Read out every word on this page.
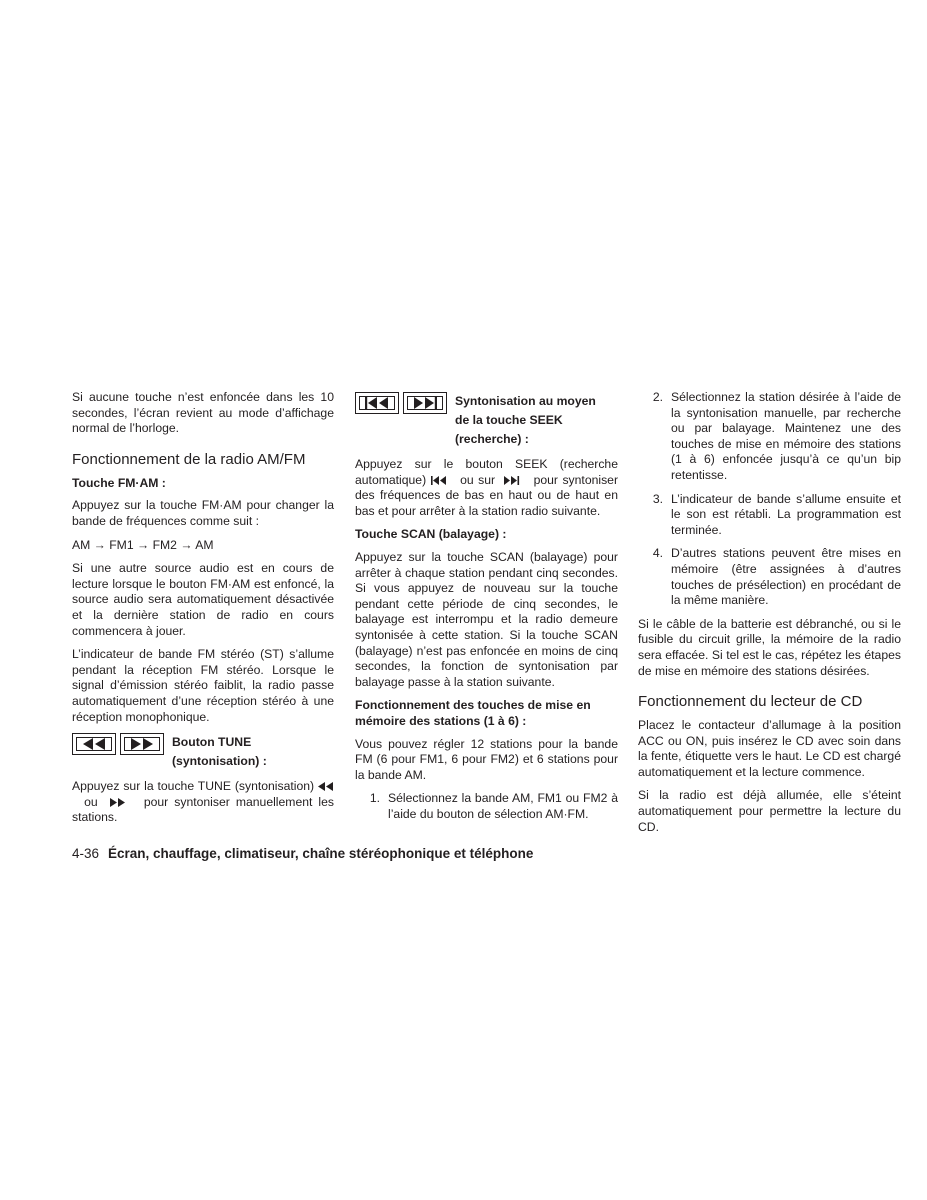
Si aucune touche n’est enfoncée dans les 10 secondes, l’écran revient au mode d’affichage normal de l’horloge.

Fonctionnement de la radio AM/FM
Touche FM·AM :

Appuyez sur la touche FM·AM pour changer la bande de fréquences comme suit :

AM → FM1 → FM2 → AM

Si une autre source audio est en cours de lecture lorsque le bouton FM·AM est enfoncé, la source audio sera automatiquement désactivée et la dernière station de radio en cours commencera à jouer.

L’indicateur de bande FM stéréo (ST) s’allume pendant la réception FM stéréo. Lorsque le signal d’émission stéréo faiblit, la radio passe automatiquement d’une réception stéréo à une réception monophonique.

Bouton TUNE
(syntonisation) :

Appuyez sur la touche TUNE (syntonisation)    ou	pour syntoniser manuellement les stations.

Syntonisation au moyen
de la touche SEEK
(recherche) :

Appuyez sur le bouton SEEK (recherche automatique)	ou sur	pour syntoniser des fréquences de bas en haut ou de haut en bas et pour arrêter à la station radio suivante.

Touche SCAN (balayage) :

Appuyez sur la touche SCAN (balayage) pour arrêter à chaque station pendant cinq secondes. Si vous appuyez de nouveau sur la touche pendant cette période de cinq secondes, le balayage est interrompu et la radio demeure syntonisée à cette station. Si la touche SCAN (balayage) n’est pas enfoncée en moins de cinq secondes, la fonction de syntonisation par balayage passe à la station suivante.

Fonctionnement des touches de mise en mémoire des stations (1 à 6) :

Vous pouvez régler 12 stations pour la bande FM (6 pour FM1, 6 pour FM2) et 6 stations pour la bande AM.

1. Sélectionnez la bande AM, FM1 ou FM2 à l’aide du bouton de sélection AM·FM.
2. Sélectionnez la station désirée à l’aide de la syntonisation manuelle, par recherche ou par balayage. Maintenez une des touches de mise en mémoire des stations (1 à 6) enfoncée jusqu’à ce qu’un bip retentisse.
3. L’indicateur de bande s’allume ensuite et le son est rétabli. La programmation est terminée.
4. D’autres stations peuvent être mises en mémoire (être assignées à d’autres touches de présélection) en procédant de la même manière.

Si le câble de la batterie est débranché, ou si le fusible du circuit grille, la mémoire de la radio sera effacée. Si tel est le cas, répétez les étapes de mise en mémoire des stations désirées.

Fonctionnement du lecteur de CD

Placez le contacteur d’allumage à la position ACC ou ON, puis insérez le CD avec soin dans la fente, étiquette vers le haut. Le CD est chargé automatiquement et la lecture commence.

Si la radio est déjà allumée, elle s’éteint automatiquement pour permettre la lecture du CD.

4-36 Écran, chauffage, climatiseur, chaîne stéréophonique et téléphone
